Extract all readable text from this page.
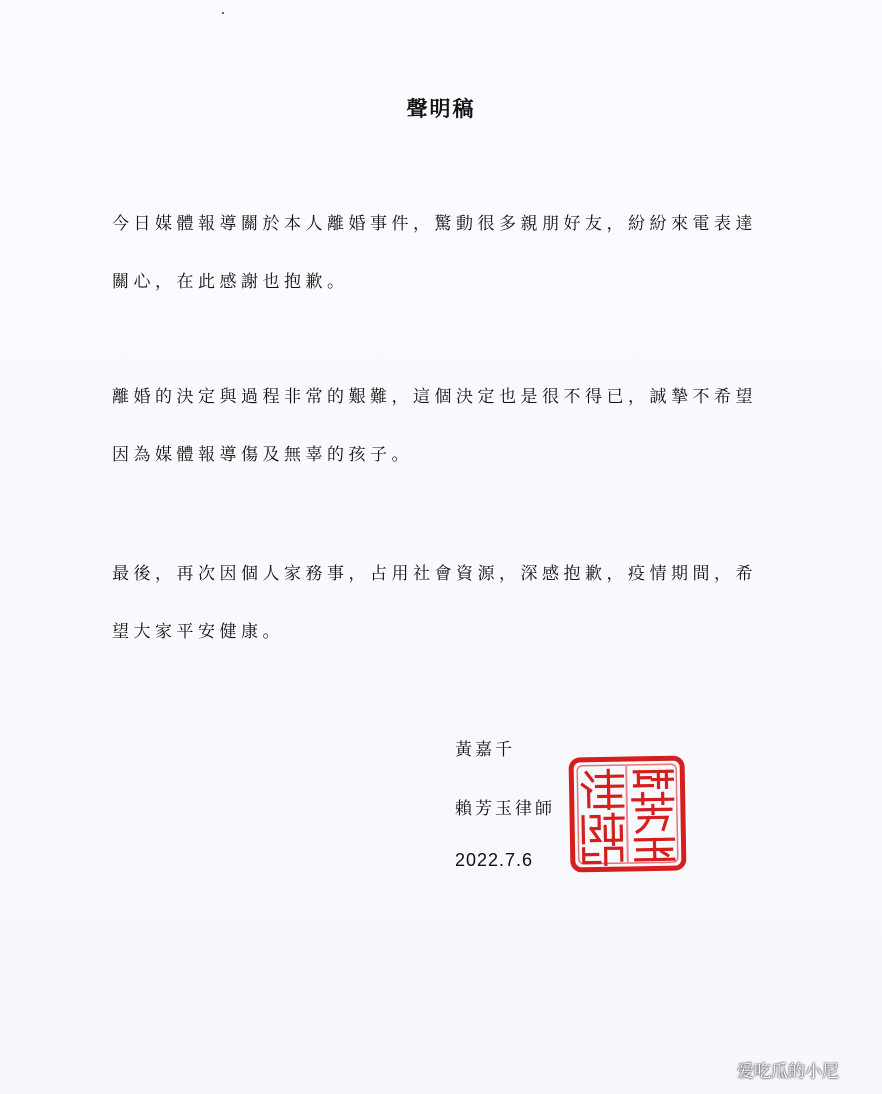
聲明稿
今日媒體報導關於本人離婚事件，驚動很多親朋好友，紛紛來電表達
關心，在此感謝也抱歉。
離婚的決定與過程非常的艱難，這個決定也是很不得已，誠摯不希望
因為媒體報導傷及無辜的孩子。
最後，再次因個人家務事，占用社會資源，深感抱歉，疫情期間，希
望大家平安健康。
黃嘉千
賴芳玉律師
2022.7.6
爱吃瓜的小尼
